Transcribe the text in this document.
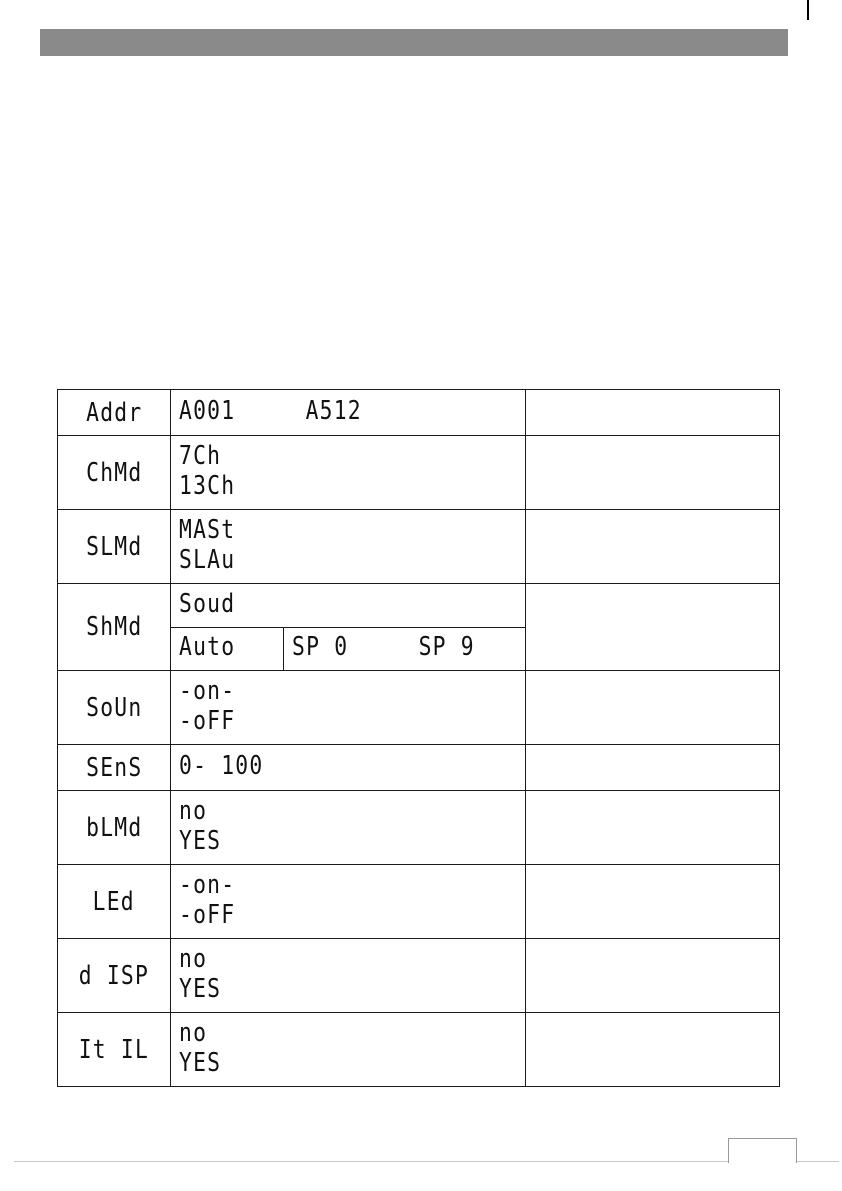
Addr	A001     A512		

ChMd	7Ch
13Ch		

SLMd	MASt
SLAu		

ShMd	Soud		

	Auto	SP 0     SP 9	

SoUn	-on-
-oFF		

SEnS	0- 100		

bLMd	no
YES		

LEd	-on-
-oFF		

d ISP	no
YES		

It IL	no
YES		
